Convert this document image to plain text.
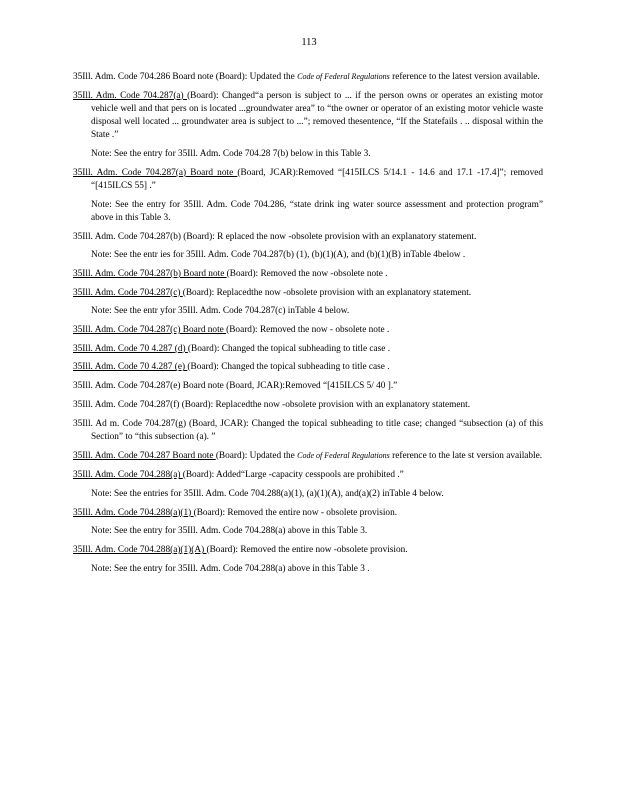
113

35Ill. Adm. Code 704.286 Board note (Board): Updated the Code of Federal Regulations reference to the latest version available.

35Ill. Adm. Code 704.287(a) (Board): Changed“a person is subject to ... if the person owns or operates an existing motor vehicle well and that pers on is located ...groundwater area” to “the owner or operator of an existing motor vehicle waste disposal well located ... groundwater area is subject to ...”; removed thesentence, “If the Statefails . .. disposal within the State .”

Note: See the entry for 35Ill. Adm. Code 704.28 7(b) below in this Table 3.

35Ill. Adm. Code 704.287(a) Board note (Board, JCAR):Removed “[415ILCS 5/14.1 - 14.6 and 17.1 -17.4]”; removed “[415ILCS 55] .”

Note: See the entry for 35Ill. Adm. Code 704.286, “state drink ing water source assessment and protection program” above in this Table 3.

35Ill. Adm. Code 704.287(b) (Board): R eplaced the now -obsolete provision with an explanatory statement.

Note: See the entr ies for 35Ill. Adm. Code 704.287(b) (1), (b)(1)(A), and (b)(1)(B) inTable 4below .

35Ill. Adm. Code 704.287(b) Board note (Board): Removed the now -obsolete note .

35Ill. Adm. Code 704.287(c) (Board): Replacedthe now -obsolete provision with an explanatory statement.

Note: See the entr yfor 35Ill. Adm. Code 704.287(c) inTable 4 below.

35Ill. Adm. Code 704.287(c) Board note (Board): Removed the now - obsolete note .

35Ill. Adm. Code 70 4.287 (d) (Board): Changed the topical subheading to title case .

35Ill. Adm. Code 70 4.287 (e) (Board): Changed the topical subheading to title case .

35Ill. Adm. Code 704.287(e) Board note (Board, JCAR):Removed “[415ILCS 5/ 40 ].”

35Ill. Adm. Code 704.287(f) (Board): Replacedthe now -obsolete provision with an explanatory statement.

35Ill. Ad m. Code 704.287(g) (Board, JCAR): Changed the topical subheading to title case; changed “subsection (a) of this Section” to “this subsection (a). ”

35Ill. Adm. Code 704.287 Board note (Board): Updated the Code of Federal Regulations reference to the late st version available.

35Ill. Adm. Code 704.288(a) (Board): Added“Large -capacity cesspools are prohibited .”

Note: See the entries for 35Ill. Adm. Code 704.288(a)(1), (a)(1)(A), and(a)(2) inTable 4 below.

35Ill. Adm. Code 704.288(a)(1) (Board): Removed the entire now - obsolete provision.

Note: See the entry for 35Ill. Adm. Code 704.288(a) above in this Table 3.

35Ill. Adm. Code 704.288(a)(1)(A) (Board): Removed the entire now -obsolete provision.

Note: See the entry for 35Ill. Adm. Code 704.288(a) above in this Table 3 .
